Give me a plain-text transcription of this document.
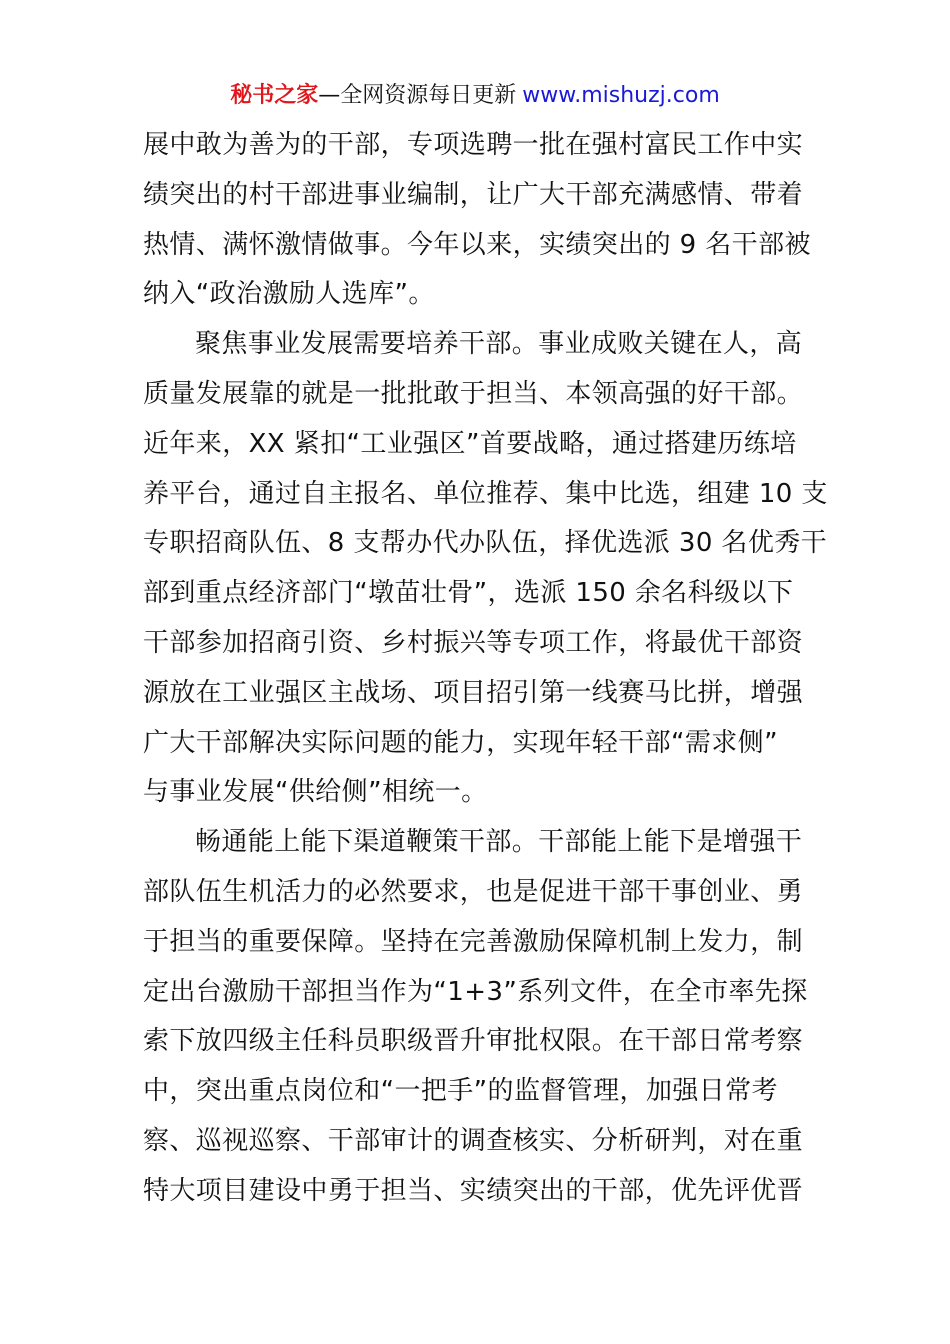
秘书之家—全网资源每日更新 www.mishuzj.com
展中敢为善为的干部，专项选聘一批在强村富民工作中实
绩突出的村干部进事业编制，让广大干部充满感情、带着
热情、满怀激情做事。今年以来，实绩突出的 9 名干部被
纳入“政治激励人选库”。
聚焦事业发展需要培养干部。事业成败关键在人，高
质量发展靠的就是一批批敢于担当、本领高强的好干部。
近年来，XX 紧扣“工业强区”首要战略，通过搭建历练培
养平台，通过自主报名、单位推荐、集中比选，组建 10 支
专职招商队伍、8 支帮办代办队伍，择优选派 30 名优秀干
部到重点经济部门“墩苗壮骨”，选派 150 余名科级以下
干部参加招商引资、乡村振兴等专项工作，将最优干部资
源放在工业强区主战场、项目招引第一线赛马比拼，增强
广大干部解决实际问题的能力，实现年轻干部“需求侧”
与事业发展“供给侧”相统一。
畅通能上能下渠道鞭策干部。干部能上能下是增强干
部队伍生机活力的必然要求，也是促进干部干事创业、勇
于担当的重要保障。坚持在完善激励保障机制上发力，制
定出台激励干部担当作为“1+3”系列文件，在全市率先探
索下放四级主任科员职级晋升审批权限。在干部日常考察
中，突出重点岗位和“一把手”的监督管理，加强日常考
察、巡视巡察、干部审计的调查核实、分析研判，对在重
特大项目建设中勇于担当、实绩突出的干部，优先评优晋
